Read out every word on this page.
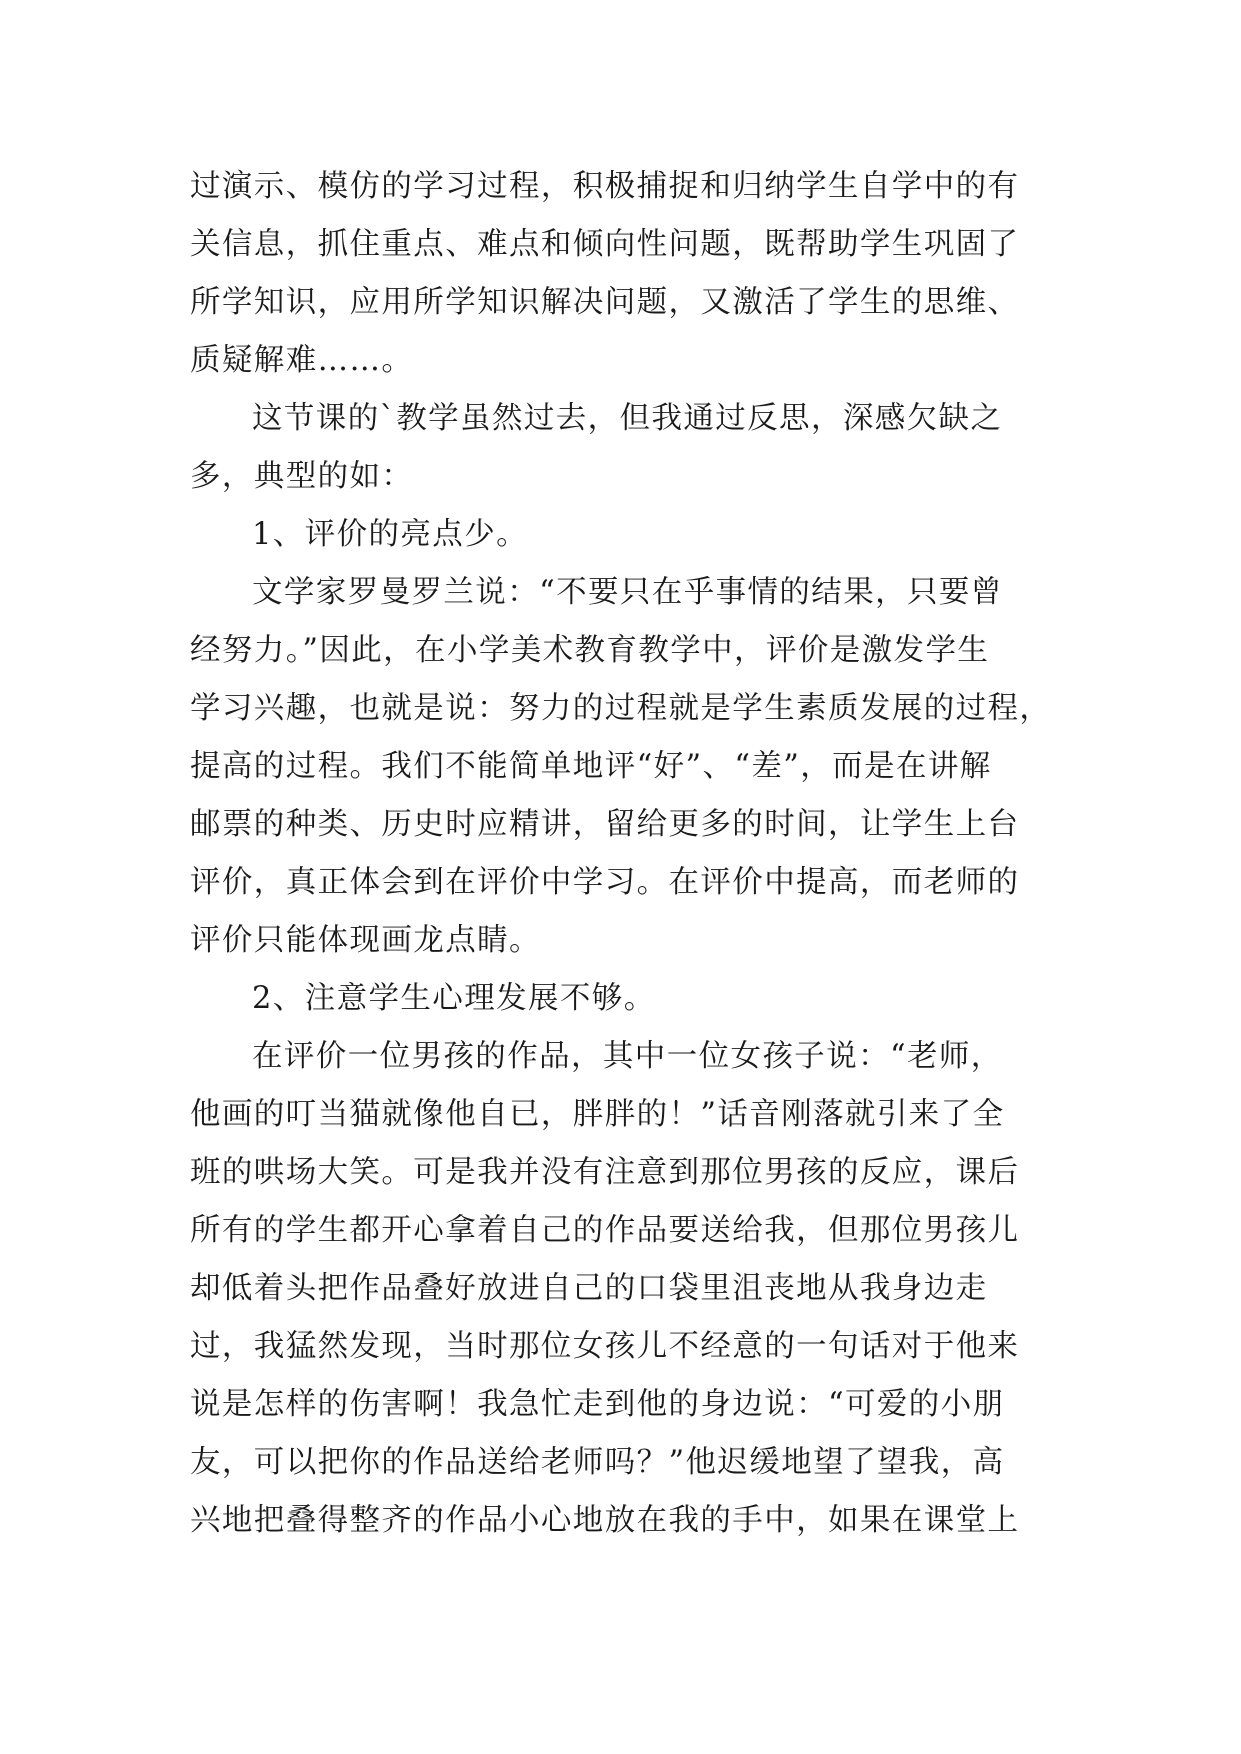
过演示、模仿的学习过程，积极捕捉和归纳学生自学中的有
关信息，抓住重点、难点和倾向性问题，既帮助学生巩固了
所学知识，应用所学知识解决问题，又激活了学生的思维、
质疑解难……。
这节课的`教学虽然过去，但我通过反思，深感欠缺之
多，典型的如：
1、评价的亮点少。
文学家罗曼罗兰说：“不要只在乎事情的结果，只要曾
经努力。”因此，在小学美术教育教学中，评价是激发学生
学习兴趣，也就是说：努力的过程就是学生素质发展的过程，
提高的过程。我们不能简单地评“好”、“差”，而是在讲解
邮票的种类、历史时应精讲，留给更多的时间，让学生上台
评价，真正体会到在评价中学习。在评价中提高，而老师的
评价只能体现画龙点睛。
2、注意学生心理发展不够。
在评价一位男孩的作品，其中一位女孩子说：“老师，
他画的叮当猫就像他自已，胖胖的！”话音刚落就引来了全
班的哄场大笑。可是我并没有注意到那位男孩的反应，课后
所有的学生都开心拿着自己的作品要送给我，但那位男孩儿
却低着头把作品叠好放进自己的口袋里沮丧地从我身边走
过，我猛然发现，当时那位女孩儿不经意的一句话对于他来
说是怎样的伤害啊！我急忙走到他的身边说：“可爱的小朋
友，可以把你的作品送给老师吗？”他迟缓地望了望我，高
兴地把叠得整齐的作品小心地放在我的手中，如果在课堂上
